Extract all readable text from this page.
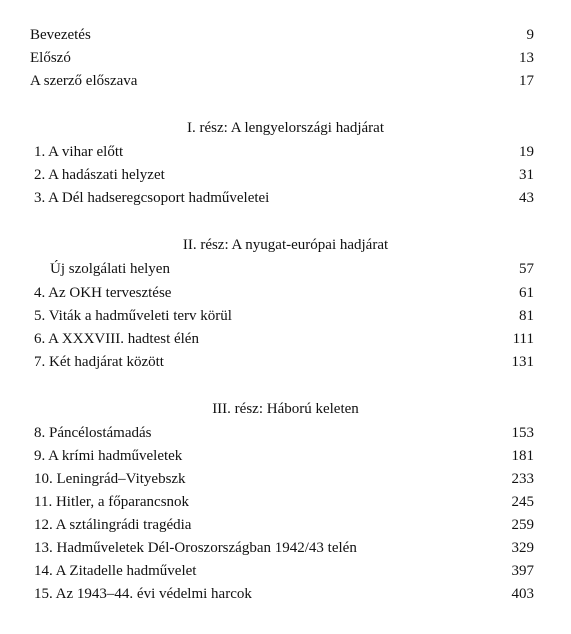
Bevezetés	9
Előszó	13
A szerző előszava	17
I. rész: A lengyelországi hadjárat
1. A vihar előtt	19
2. A hadászati helyzet	31
3. A Dél hadseregcsoport hadműveletei	43
II. rész: A nyugat-európai hadjárat
Új szolgálati helyen	57
4. Az OKH tervesztése	61
5. Viták a hadműveleti terv körül	81
6. A XXXVIII. hadtest élén	111
7. Két hadjárat között	131
III. rész: Háború keleten
8. Páncélostámadás	153
9. A krími hadműveletek	181
10. Leningrád–Vityebszk	233
11. Hitler, a főparancsnok	245
12. A sztálingrádi tragédia	259
13. Hadműveletek Dél-Oroszországban 1942/43 telén	329
14. A Zitadelle hadművelet	397
15. Az 1943–44. évi védelmi harcok	403
